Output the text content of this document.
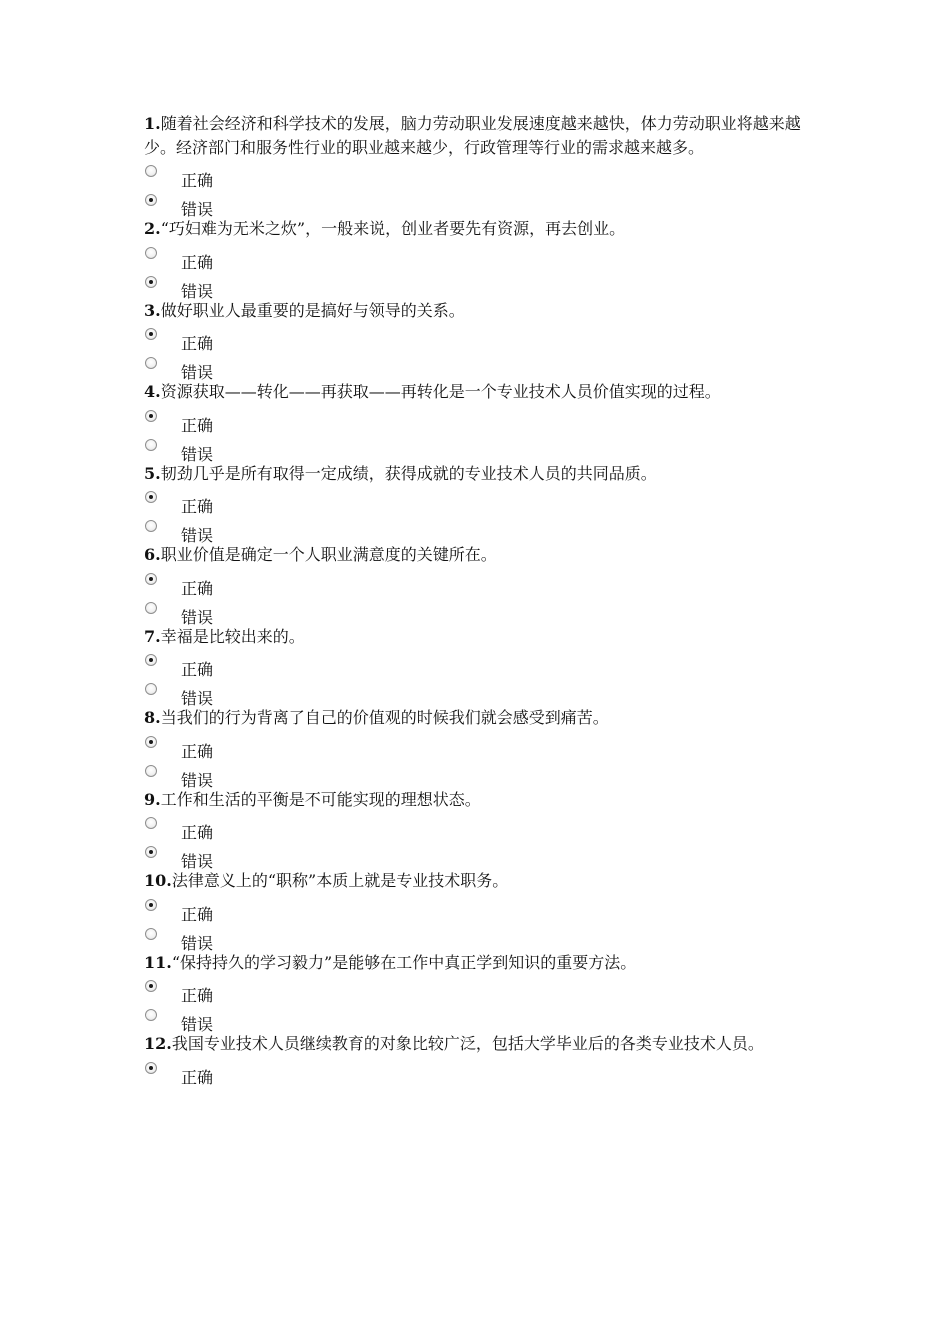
1.随着社会经济和科学技术的发展，脑力劳动职业发展速度越来越快，体力劳动职业将越来越少。经济部门和服务性行业的职业越来越少，行政管理等行业的需求越来越多。

正确
错误

2.“巧妇难为无米之炊”，一般来说，创业者要先有资源，再去创业。

正确
错误

3.做好职业人最重要的是搞好与领导的关系。

正确
错误

4.资源获取——转化——再获取——再转化是一个专业技术人员价值实现的过程。

正确
错误

5.韧劲几乎是所有取得一定成绩，获得成就的专业技术人员的共同品质。

正确
错误

6.职业价值是确定一个人职业满意度的关键所在。

正确
错误

7.幸福是比较出来的。

正确
错误

8.当我们的行为背离了自己的价值观的时候我们就会感受到痛苦。

正确
错误

9.工作和生活的平衡是不可能实现的理想状态。

正确
错误

10.法律意义上的“职称”本质上就是专业技术职务。

正确
错误

11.“保持持久的学习毅力”是能够在工作中真正学到知识的重要方法。

正确
错误

12.我国专业技术人员继续教育的对象比较广泛，包括大学毕业后的各类专业技术人员。

正确
